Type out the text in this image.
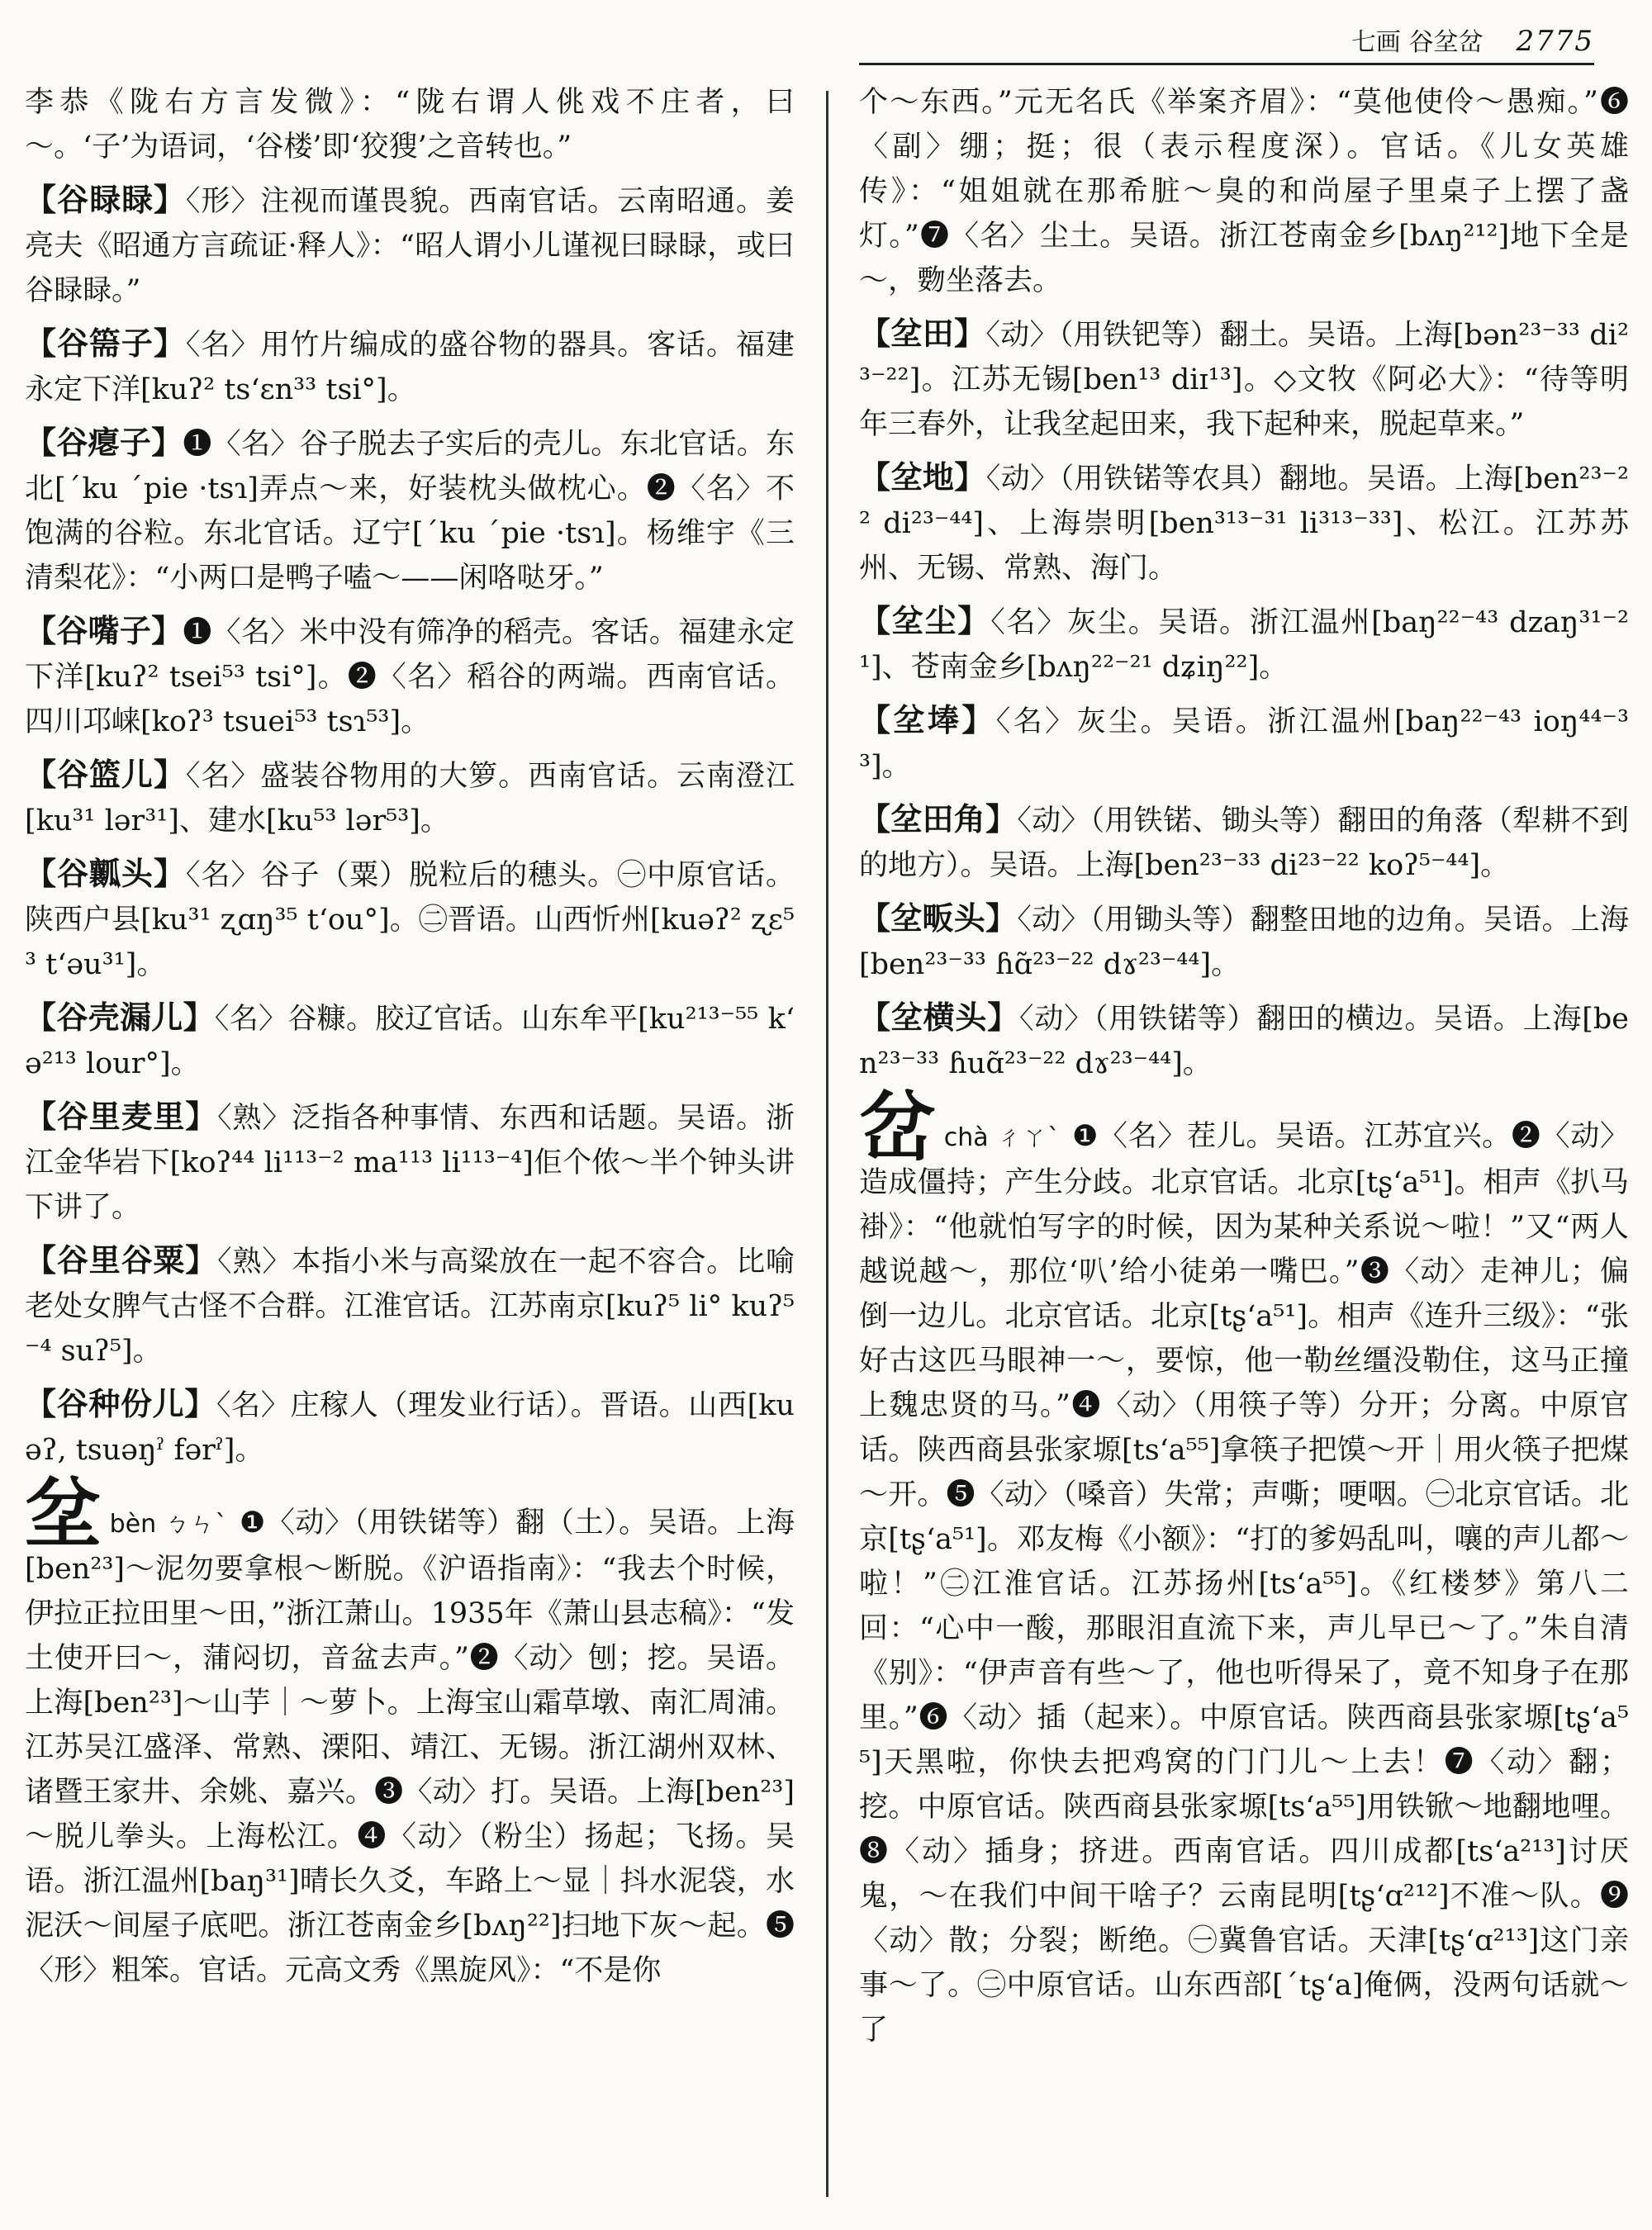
七画 谷坌岔 2775

李恭《陇右方言发微》：“陇右谓人佻戏不庄者，曰～。‘子’为语词，‘谷楼’即‘狡獀’之音转也。”

【谷睩睩】〈形〉注视而谨畏貌。西南官话。云南昭通。姜亮夫《昭通方言疏证·释人》：“昭人谓小儿谨视曰睩睩，或曰谷睩睩。”

【谷篅子】〈名〉用竹片编成的盛谷物的器具。客话。福建永定下洋[kuʔ² tsʻɛn³³ tsi°]。

【谷瘪子】❶〈名〉谷子脱去子实后的壳儿。东北官话。东北[ˊku ˊpie ·tsɿ]弄点～来，好装枕头做枕心。❷〈名〉不饱满的谷粒。东北官话。辽宁[ˊku ˊpie ·tsɿ]。杨维宇《三清梨花》：“小两口是鸭子嗑～——闲咯哒牙。”

【谷嘴子】❶〈名〉米中没有筛净的稻壳。客话。福建永定下洋[kuʔ² tsei⁵³ tsi°]。❷〈名〉稻谷的两端。西南官话。四川邛崃[koʔ³ tsuei⁵³ tsɿ⁵³]。

【谷篮儿】〈名〉盛装谷物用的大箩。西南官话。云南澄江[ku³¹ lər³¹]、建水[ku⁵³ lər⁵³]。

【谷瓤头】〈名〉谷子（粟）脱粒后的穗头。㊀中原官话。陕西户县[ku³¹ ʐɑŋ³⁵ tʻou°]。㊁晋语。山西忻州[kuəʔ² ʐɛ⁵³ tʻəu³¹]。

【谷壳漏儿】〈名〉谷糠。胶辽官话。山东牟平[ku²¹³⁻⁵⁵ kʻə²¹³ lour°]。

【谷里麦里】〈熟〉泛指各种事情、东西和话题。吴语。浙江金华岩下[koʔ⁴⁴ li¹¹³⁻² ma¹¹³ li¹¹³⁻⁴]佢个侬～半个钟头讲下讲了。

【谷里谷粟】〈熟〉本指小米与高粱放在一起不容合。比喻老处女脾气古怪不合群。江淮官话。江苏南京[kuʔ⁵ li° kuʔ⁵⁻⁴ suʔ⁵]。

【谷种份儿】〈名〉庄稼人（理发业行话）。晋语。山西[kuəʔ, tsuəŋˀ fərˀ]。

坌bèn ㄅㄣˋ ❶〈动〉（用铁锘等）翻（土）。吴语。上海[ben²³]～泥勿要拿根～断脱。《沪语指南》：“我去个时候，伊拉正拉田里～田，”浙江萧山。1935年《萧山县志稿》：“发土使开曰～，蒲闷切，音盆去声。”❷〈动〉刨；挖。吴语。上海[ben²³]～山芋｜～萝卜。上海宝山霜草墩、南汇周浦。江苏吴江盛泽、常熟、溧阳、靖江、无锡。浙江湖州双林、诸暨王家井、余姚、嘉兴。❸〈动〉打。吴语。上海[ben²³]～脱儿拳头。上海松江。❹〈动〉（粉尘）扬起；飞扬。吴语。浙江温州[baŋ³¹]晴长久爻，车路上～显｜抖水泥袋，水泥沃～间屋子底吧。浙江苍南金乡[bʌŋ²²]扫地下灰～起。❺〈形〉粗笨。官话。元高文秀《黑旋风》：“不是你

个～东西。”元无名氏《举案齐眉》：“莫他使伶～愚痴。”❻〈副〉绷；挺；很（表示程度深）。官话。《儿女英雄传》：“姐姐就在那希脏～臭的和尚屋子里桌子上摆了盏灯。”❼〈名〉尘土。吴语。浙江苍南金乡[bʌŋ²¹²]地下全是～，覅坐落去。

【坌田】〈动〉（用铁钯等）翻土。吴语。上海[bən²³⁻³³ di²³⁻²²]。江苏无锡[ben¹³ diɪ¹³]。◇文牧《阿必大》：“待等明年三春外，让我坌起田来，我下起种来，脱起草来。”

【坌地】〈动〉（用铁锘等农具）翻地。吴语。上海[ben²³⁻²² di²³⁻⁴⁴]、上海崇明[ben³¹³⁻³¹ li³¹³⁻³³]、松江。江苏苏州、无锡、常熟、海门。

【坌尘】〈名〉灰尘。吴语。浙江温州[baŋ²²⁻⁴³ dzaŋ³¹⁻²¹]、苍南金乡[bʌŋ²²⁻²¹ dʑiŋ²²]。

【坌埲】〈名〉灰尘。吴语。浙江温州[baŋ²²⁻⁴³ ioŋ⁴⁴⁻³³]。

【坌田角】〈动〉（用铁锘、锄头等）翻田的角落（犁耕不到的地方）。吴语。上海[ben²³⁻³³ di²³⁻²² koʔ⁵⁻⁴⁴]。

【坌畈头】〈动〉（用锄头等）翻整田地的边角。吴语。上海[ben²³⁻³³ ɦɑ̃²³⁻²² dɤ²³⁻⁴⁴]。

【坌横头】〈动〉（用铁锘等）翻田的横边。吴语。上海[ben²³⁻³³ ɦuɑ̃²³⁻²² dɤ²³⁻⁴⁴]。

岔chà ㄔㄚˋ ❶〈名〉茬儿。吴语。江苏宜兴。❷〈动〉造成僵持；产生分歧。北京官话。北京[tʂʻa⁵¹]。相声《扒马褂》：“他就怕写字的时候，因为某种关系说～啦！”又“两人越说越～，那位‘叭’给小徒弟一嘴巴。”❸〈动〉走神儿；偏倒一边儿。北京官话。北京[tʂʻa⁵¹]。相声《连升三级》：“张好古这匹马眼神一～，要惊，他一勒丝缰没勒住，这马正撞上魏忠贤的马。”❹〈动〉（用筷子等）分开；分离。中原官话。陕西商县张家塬[tsʻa⁵⁵]拿筷子把馍～开｜用火筷子把煤～开。❺〈动〉（嗓音）失常；声嘶；哽咽。㊀北京官话。北京[tʂʻa⁵¹]。邓友梅《小额》：“打的爹妈乱叫，嚷的声儿都～啦！”㊁江淮官话。江苏扬州[tsʻa⁵⁵]。《红楼梦》第八二回：“心中一酸，那眼泪直流下来，声儿早已～了。”朱自清《别》：“伊声音有些～了，他也听得呆了，竟不知身子在那里。”❻〈动〉插（起来）。中原官话。陕西商县张家塬[tʂʻa⁵⁵]天黑啦，你快去把鸡窝的门门儿～上去！❼〈动〉翻；挖。中原官话。陕西商县张家塬[tsʻa⁵⁵]用铁锨～地翻地哩。❽〈动〉插身；挤进。西南官话。四川成都[tsʻa²¹³]讨厌鬼，～在我们中间干啥子？云南昆明[tʂʻɑ²¹²]不准～队。❾〈动〉散；分裂；断绝。㊀冀鲁官话。天津[tʂʻɑ²¹³]这门亲事～了。㊁中原官话。山东西部[ˊtʂʻa]俺俩，没两句话就～了
